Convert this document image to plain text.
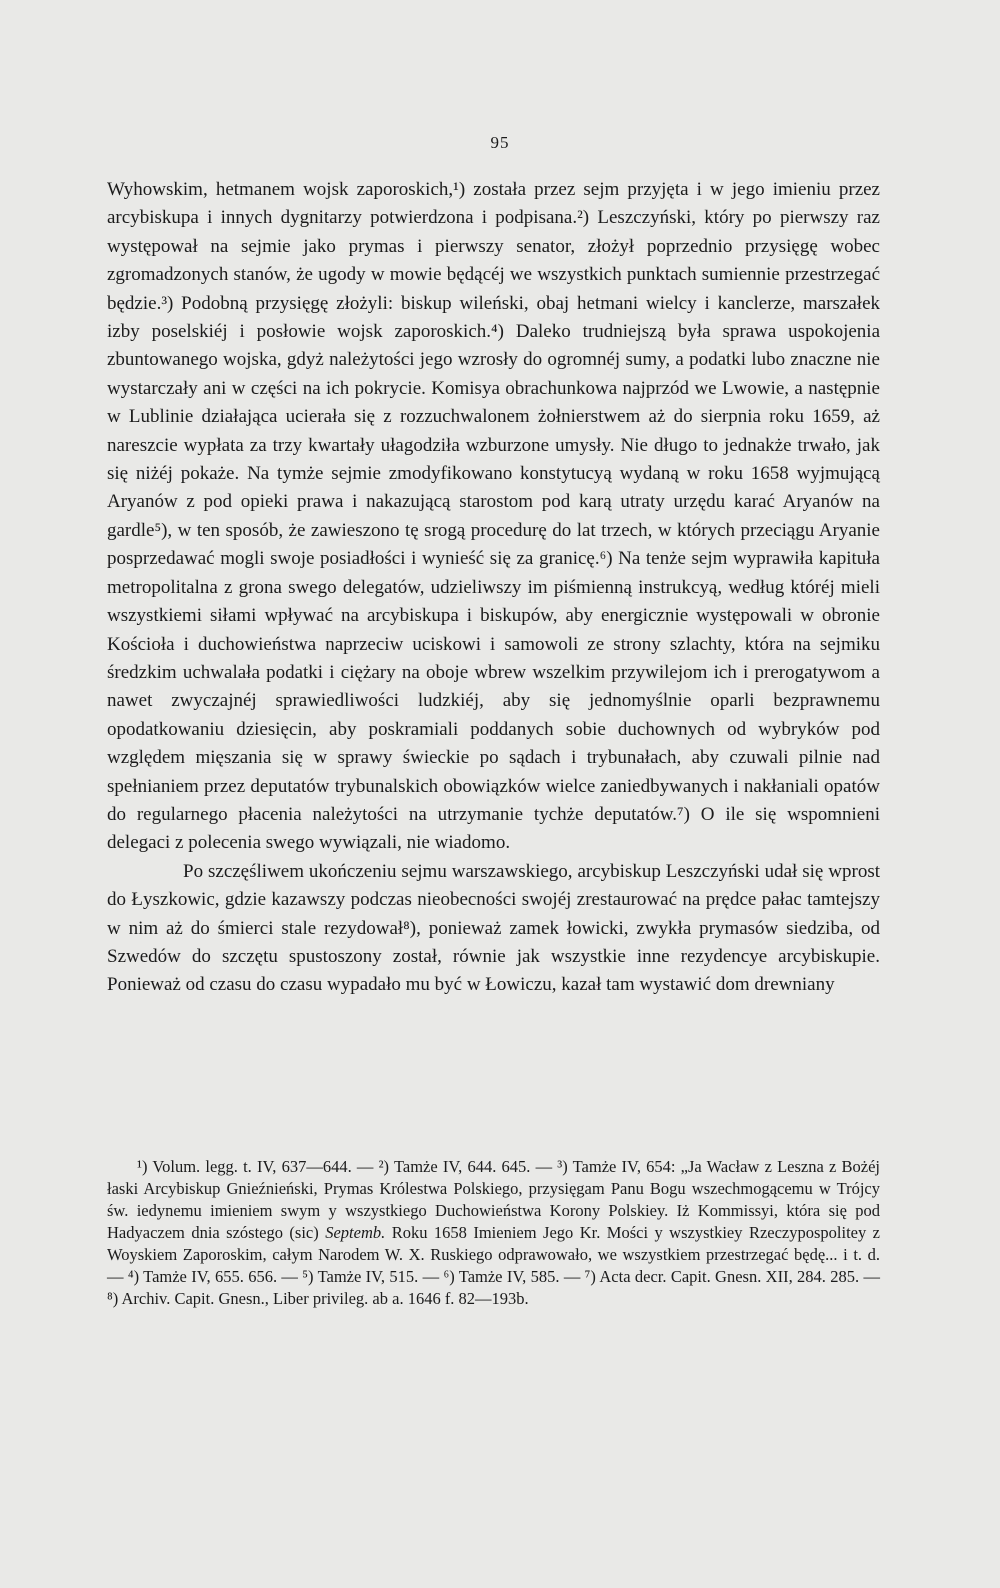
95

Wyhowskim, hetmanem wojsk zaporoskich,¹) została przez sejm przyjęta i w jego imieniu przez arcybiskupa i innych dygnitarzy potwierdzona i podpisana.²) Leszczyński, który po pierwszy raz występował na sejmie jako prymas i pierwszy senator, złożył poprzednio przysięgę wobec zgromadzonych stanów, że ugody w mowie będącéj we wszystkich punktach sumiennie przestrzegać będzie.³) Podobną przysięgę złożyli: biskup wileński, obaj hetmani wielcy i kanclerze, marszałek izby poselskiéj i posłowie wojsk zaporoskich.⁴) Daleko trudniejszą była sprawa uspokojenia zbuntowanego wojska, gdyż należytości jego wzrosły do ogromnéj sumy, a podatki lubo znaczne nie wystarczały ani w części na ich pokrycie. Komisya obrachunkowa najprzód we Lwowie, a następnie w Lublinie działająca ucierała się z rozzuchwalonem żołnierstwem aż do sierpnia roku 1659, aż nareszcie wypłata za trzy kwartały ułagodziła wzburzone umysły. Nie długo to jednakże trwało, jak się niżéj pokaże. Na tymże sejmie zmodyfikowano konstytucyą wydaną w roku 1658 wyjmującą Aryanów z pod opieki prawa i nakazującą starostom pod karą utraty urzędu karać Aryanów na gardle⁵), w ten sposób, że zawieszono tę srogą procedurę do lat trzech, w których przeciągu Aryanie posprzedawać mogli swoje posiadłości i wynieść się za granicę.⁶) Na tenże sejm wyprawiła kapituła metropolitalna z grona swego delegatów, udzieliwszy im piśmienną instrukcyą, według któréj mieli wszystkiemi siłami wpływać na arcybiskupa i biskupów, aby energicznie występowali w obronie Kościoła i duchowieństwa naprzeciw uciskowi i samowoli ze strony szlachty, która na sejmiku średzkim uchwalała podatki i ciężary na oboje wbrew wszelkim przywilejom ich i prerogatywom a nawet zwyczajnéj sprawiedliwości ludzkiéj, aby się jednomyślnie oparli bezprawnemu opodatkowaniu dziesięcin, aby poskramiali poddanych sobie duchownych od wybryków pod względem mięszania się w sprawy świeckie po sądach i trybunałach, aby czuwali pilnie nad spełnianiem przez deputatów trybunalskich obowiązków wielce zaniedbywanych i nakłaniali opatów do regularnego płacenia należytości na utrzymanie tychże deputatów.⁷) O ile się wspomnieni delegaci z polecenia swego wywiązali, nie wiadomo.

Po szczęśliwem ukończeniu sejmu warszawskiego, arcybiskup Leszczyński udał się wprost do Łyszkowic, gdzie kazawszy podczas nieobecności swojéj zrestaurować na prędce pałac tamtejszy w nim aż do śmierci stale rezydował⁸), ponieważ zamek łowicki, zwykła prymasów siedziba, od Szwedów do szczętu spustoszony został, równie jak wszystkie inne rezydencye arcybiskupie. Ponieważ od czasu do czasu wypadało mu być w Łowiczu, kazał tam wystawić dom drewniany

¹) Volum. legg. t. IV, 637—644. — ²) Tamże IV, 644. 645. — ³) Tamże IV, 654: „Ja Wacław z Leszna z Bożéj łaski Arcybiskup Gnieźnieński, Prymas Królestwa Polskiego, przysięgam Panu Bogu wszechmogącemu w Trójcy św. iedynemu imieniem swym y wszystkiego Duchowieństwa Korony Polskiey. Iż Kommissyi, która się pod Hadyaczem dnia szóstego (sic) Septemb. Roku 1658 Imieniem Jego Kr. Mości y wszystkiey Rzeczypospolitey z Woyskiem Zaporoskim, całym Narodem W. X. Ruskiego odprawowało, we wszystkiem przestrzegać będę... i t. d. — ⁴) Tamże IV, 655. 656. — ⁵) Tamże IV, 515. — ⁶) Tamże IV, 585. — ⁷) Acta decr. Capit. Gnesn. XII, 284. 285. — ⁸) Archiv. Capit. Gnesn., Liber privileg. ab a. 1646 f. 82—193b.
